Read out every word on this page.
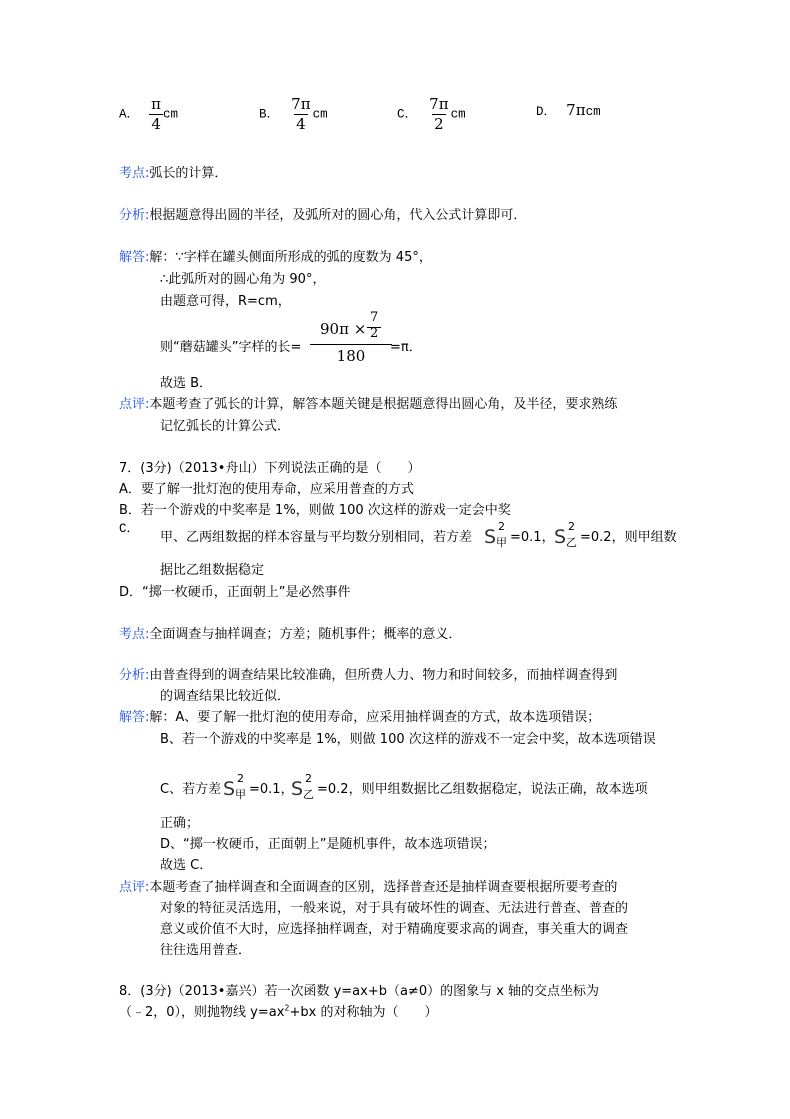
A． $\frac{\pi}{4}$ cm	B． $\frac{7\pi}{4}$ cm	C． $\frac{7\pi}{2}$ cm	D． 7πcm
考点:弧长的计算．
分析:根据题意得出圆的半径，及弧所对的圆心角，代入公式计算即可．
解答:解：∵字样在罐头侧面所形成的弧的度数为 45°，
∴此弧所对的圆心角为 90°，
由题意可得，R=cm，
则“蘑菇罐头”字样的长=
90π ×
7
2
180	=π．
故选 B．
点评:本题考查了弧长的计算，解答本题关键是根据题意得出圆心角，及半径，要求熟练
记忆弧长的计算公式．
7．(3分)（2013•舟山）下列说法正确的是（　　）
A．要了解一批灯泡的使用寿命，应采用普查的方式
B．若一个游戏的中奖率是 1%，则做 100 次这样的游戏一定会中奖
C．
甲、乙两组数据的样本容量与平均数分别相同，若方差 S 2
甲 =0.1， S 2
乙 =0.2，则甲组数
据比乙组数据稳定
D．“掷一枚硬币，正面朝上”是必然事件
考点:全面调查与抽样调查；方差；随机事件；概率的意义．
分析:由普查得到的调查结果比较准确，但所费人力、物力和时间较多，而抽样调查得到
的调查结果比较近似．
解答:解：A、要了解一批灯泡的使用寿命，应采用抽样调查的方式，故本选项错误；
B、若一个游戏的中奖率是 1%，则做 100 次这样的游戏不一定会中奖，故本选项错误
C、若方差 S 2
甲 =0.1，
S 2
乙 =0.2，则甲组数据比乙组数据稳定，说法正确，故本选项
正确；
D、“掷一枚硬币，正面朝上”是随机事件，故本选项错误；
故选 C．
点评:本题考查了抽样调查和全面调查的区别，选择普查还是抽样调查要根据所要考查的
对象的特征灵活选用，一般来说，对于具有破坏性的调查、无法进行普查、普查的
意义或价值不大时，应选择抽样调查，对于精确度要求高的调查，事关重大的调查
往往选用普查．
8．(3分)（2013•嘉兴）若一次函数 y=ax+b（a≠0）的图象与 x 轴的交点坐标为
（﹣2，0），则抛物线 $y=ax^2+bx$ 的对称轴为（　　）
